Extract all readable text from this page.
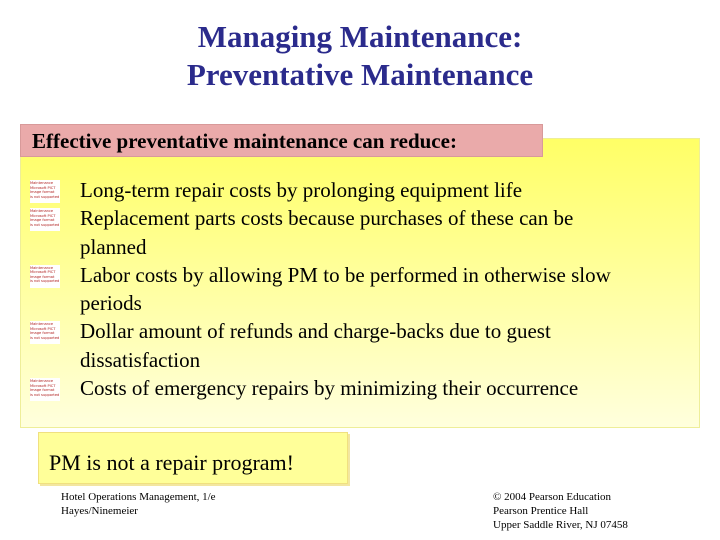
Managing Maintenance:
Preventative Maintenance
Effective preventative maintenance can reduce:
Maintenance
Microsoft PICT
Image format
is not supported Long-term repair costs by prolonging equipment life
Maintenance
Microsoft PICT
Image format
is not supported Replacement parts costs because purchases of these can be
planned
Maintenance
Microsoft PICT
Image format
is not supported Labor costs by allowing PM to be performed in otherwise slow
periods
Maintenance
Microsoft PICT
Image format
is not supported Dollar amount of refunds and charge-backs due to guest
dissatisfaction
Maintenance
Microsoft PICT
Image format
is not supported Costs of emergency repairs by minimizing their occurrence
PM is not a repair program!
Hotel Operations Management, 1/e
Hayes/Ninemeier
© 2004 Pearson Education
Pearson Prentice Hall
Upper Saddle River, NJ 07458
